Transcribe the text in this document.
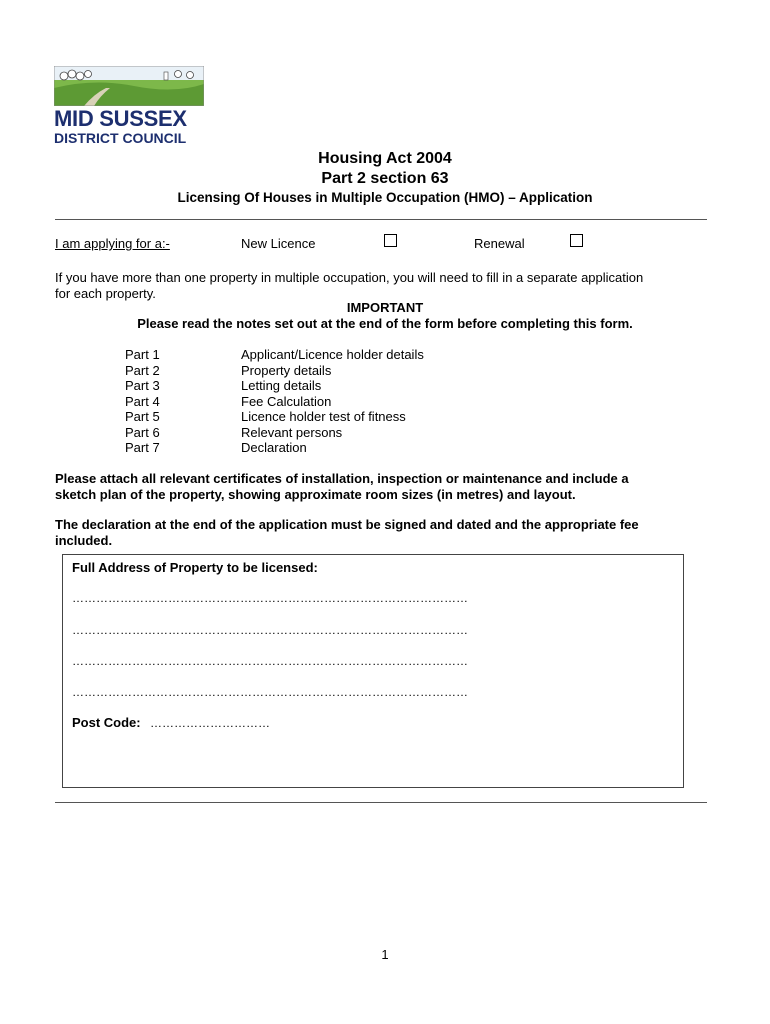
MID SUSSEX
DISTRICT COUNCIL
Housing Act 2004
Part 2 section 63
Licensing Of Houses in Multiple Occupation (HMO) – Application
I am applying for a:-	New Licence	Renewal
If you have more than one property in multiple occupation, you will need to fill in a separate application
for each property.
IMPORTANT
Please read the notes set out at the end of the form before completing this form.
Part 1	Applicant/Licence holder details
Part 2	Property details
Part 3	Letting details
Part 4	Fee Calculation
Part 5	Licence holder test of fitness
Part 6	Relevant persons
Part 7	Declaration
Please attach all relevant certificates of installation, inspection or maintenance and include a
sketch plan of the property, showing approximate room sizes (in metres) and layout.
The declaration at the end of the application must be signed and dated and the appropriate fee
included.
Full Address of Property to be licensed:
………………………………………………………………………………………
………………………………………………………………………………………
………………………………………………………………………………………
………………………………………………………………………………………
Post Code: …………………………
1
